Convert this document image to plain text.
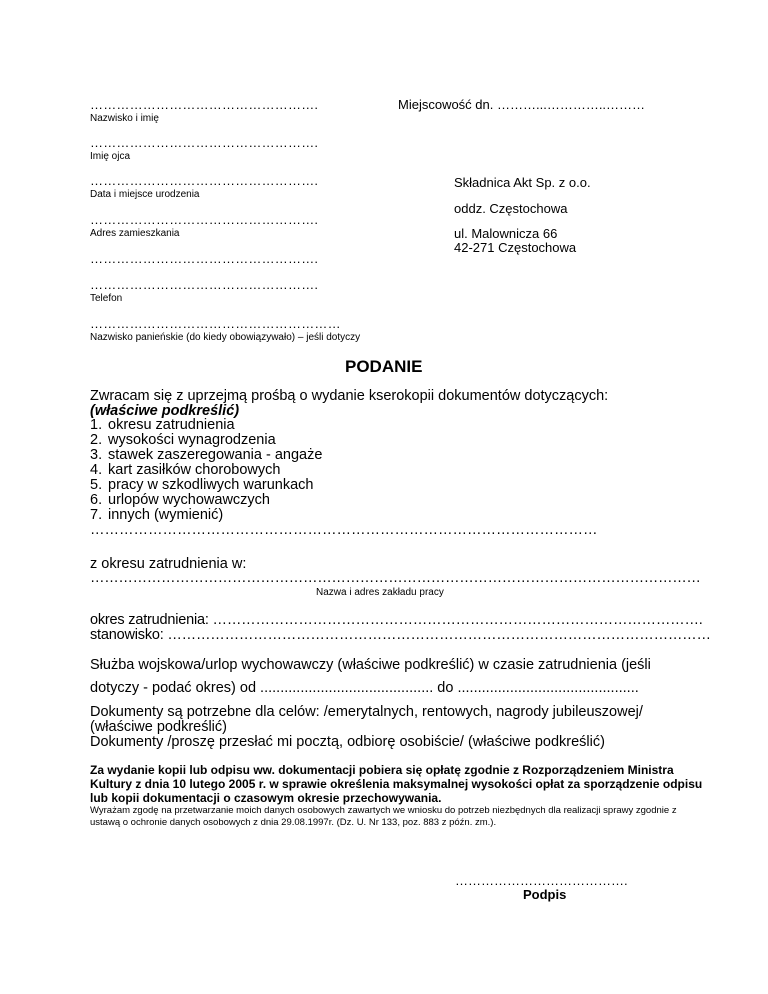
…………………………………………….
Nazwisko i imię
…………………………………………….
Imię ojca
…………………………………………….
Data i miejsce urodzenia
…………………………………………….
Adres zamieszkania
…………………………………………….
…………………………………………….
Telefon
…………………………………………………
Nazwisko panieńskie (do kiedy obowiązywało) – jeśli dotyczy
Miejscowość dn. ………...…………..………
Składnica Akt Sp. z o.o.
oddz. Częstochowa
ul. Malownicza 66
42-271 Częstochowa
PODANIE
Zwracam się z uprzejmą prośbą o wydanie kserokopii dokumentów dotyczących:
(właściwe podkreślić)
1. okresu zatrudnienia
2. wysokości wynagrodzenia
3. stawek zaszeregowania - angaże
4. kart zasiłków chorobowych
5. pracy w szkodliwych warunkach
6. urlopów wychowawczych
7. innych (wymienić)
……………………………………………………………………………………………
z okresu zatrudnienia w:
…………………………………………………………………………………………………………………
Nazwa i adres zakładu pracy
okres zatrudnienia: ………………………………………………………………………………………….
stanowisko: ……………………………………………………………………………………………………
Służba wojskowa/urlop wychowawczy (właściwe podkreślić) w czasie zatrudnienia (jeśli
dotyczy - podać okres) od ........................................... do .............................................
Dokumenty są potrzebne dla celów: /emerytalnych, rentowych, nagrody jubileuszowej/
(właściwe podkreślić)
Dokumenty /proszę przesłać mi pocztą, odbiorę osobiście/ (właściwe podkreślić)
Za wydanie kopii lub odpisu ww. dokumentacji pobiera się opłatę zgodnie z Rozporządzeniem Ministra Kultury z dnia 10 lutego 2005 r. w sprawie określenia maksymalnej wysokości opłat za sporządzenie odpisu lub kopii dokumentacji o czasowym okresie przechowywania.
Wyrażam zgodę na przetwarzanie moich danych osobowych zawartych we wniosku do potrzeb niezbędnych dla realizacji sprawy zgodnie z ustawą o ochronie danych osobowych z dnia 29.08.1997r. (Dz. U. Nr 133, poz. 883 z późn. zm.).
………………………………….
Podpis
